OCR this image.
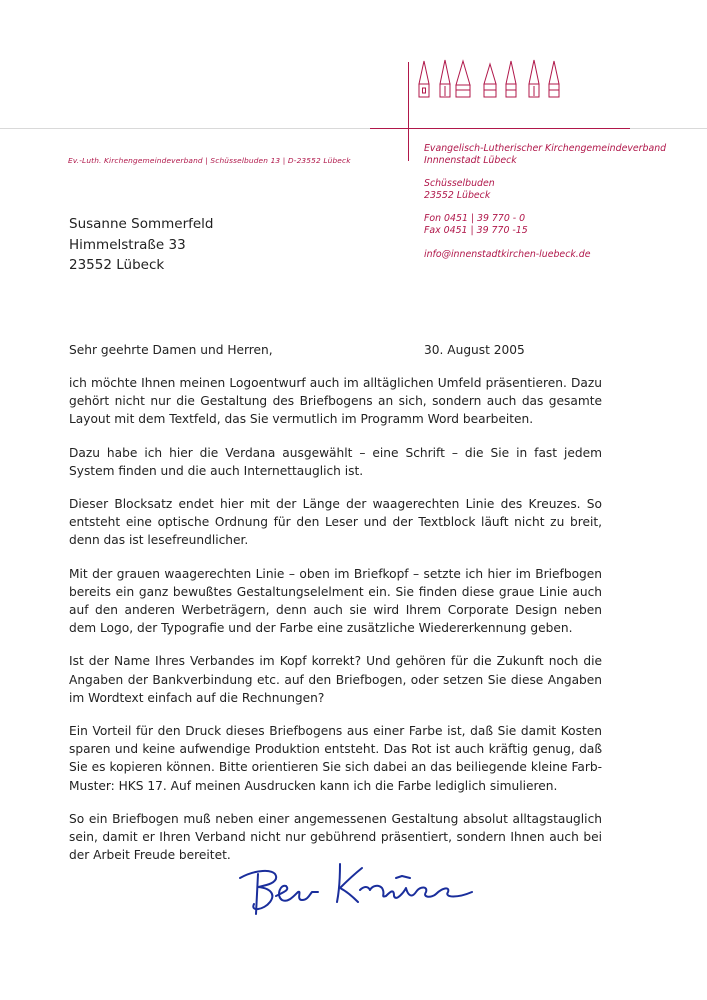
Ev.-Luth. Kirchengemeindeverband | Schüsselbuden 13 | D-23552 Lübeck
Evangelisch-Lutherischer Kirchengemeindeverband
Innnenstadt Lübeck
Schüsselbuden
23552 Lübeck
Fon 0451 | 39 770 - 0
Fax 0451 | 39 770 -15
info@innenstadtkirchen-luebeck.de
Susanne Sommerfeld
Himmelstraße 33
23552 Lübeck
Sehr geehrte Damen und Herren,	30. August 2005

ich möchte Ihnen meinen Logoentwurf auch im alltäglichen Umfeld präsentieren. Dazu gehört nicht nur die Gestaltung des Briefbogens an sich, sondern auch das gesamte Layout mit dem Textfeld, das Sie vermutlich im Programm Word bearbeiten.

Dazu habe ich hier die Verdana ausgewählt – eine Schrift – die Sie in fast jedem System finden und die auch Internettauglich ist.

Dieser Blocksatz endet hier mit der Länge der waagerechten Linie des Kreuzes. So entsteht eine optische Ordnung für den Leser und der Textblock läuft nicht zu breit, denn das ist lesefreundlicher.

Mit der grauen waagerechten Linie – oben im Briefkopf – setzte ich hier im Briefbogen bereits ein ganz bewußtes Gestaltungselelment ein. Sie finden diese graue Linie auch auf den anderen Werbeträgern, denn auch sie wird Ihrem Corporate Design neben dem Logo, der Typografie und der Farbe eine zusätzliche Wiedererkennung geben.

Ist der Name Ihres Verbandes im Kopf korrekt? Und gehören für die Zukunft noch die Angaben der Bankverbindung etc. auf den Briefbogen, oder setzen Sie diese Angaben im Wordtext einfach auf die Rechnungen?

Ein Vorteil für den Druck dieses Briefbogens aus einer Farbe ist, daß Sie damit Kosten sparen und keine aufwendige Produktion entsteht. Das Rot ist auch kräftig genug, daß Sie es kopieren können. Bitte orientieren Sie sich dabei an das beiliegende kleine Farb-Muster: HKS 17. Auf meinen Ausdrucken kann ich die Farbe lediglich simulieren.

So ein Briefbogen muß neben einer angemessenen Gestaltung absolut alltagstauglich sein, damit er Ihren Verband nicht nur gebührend präsentiert, sondern Ihnen auch bei der Arbeit Freude bereitet.
